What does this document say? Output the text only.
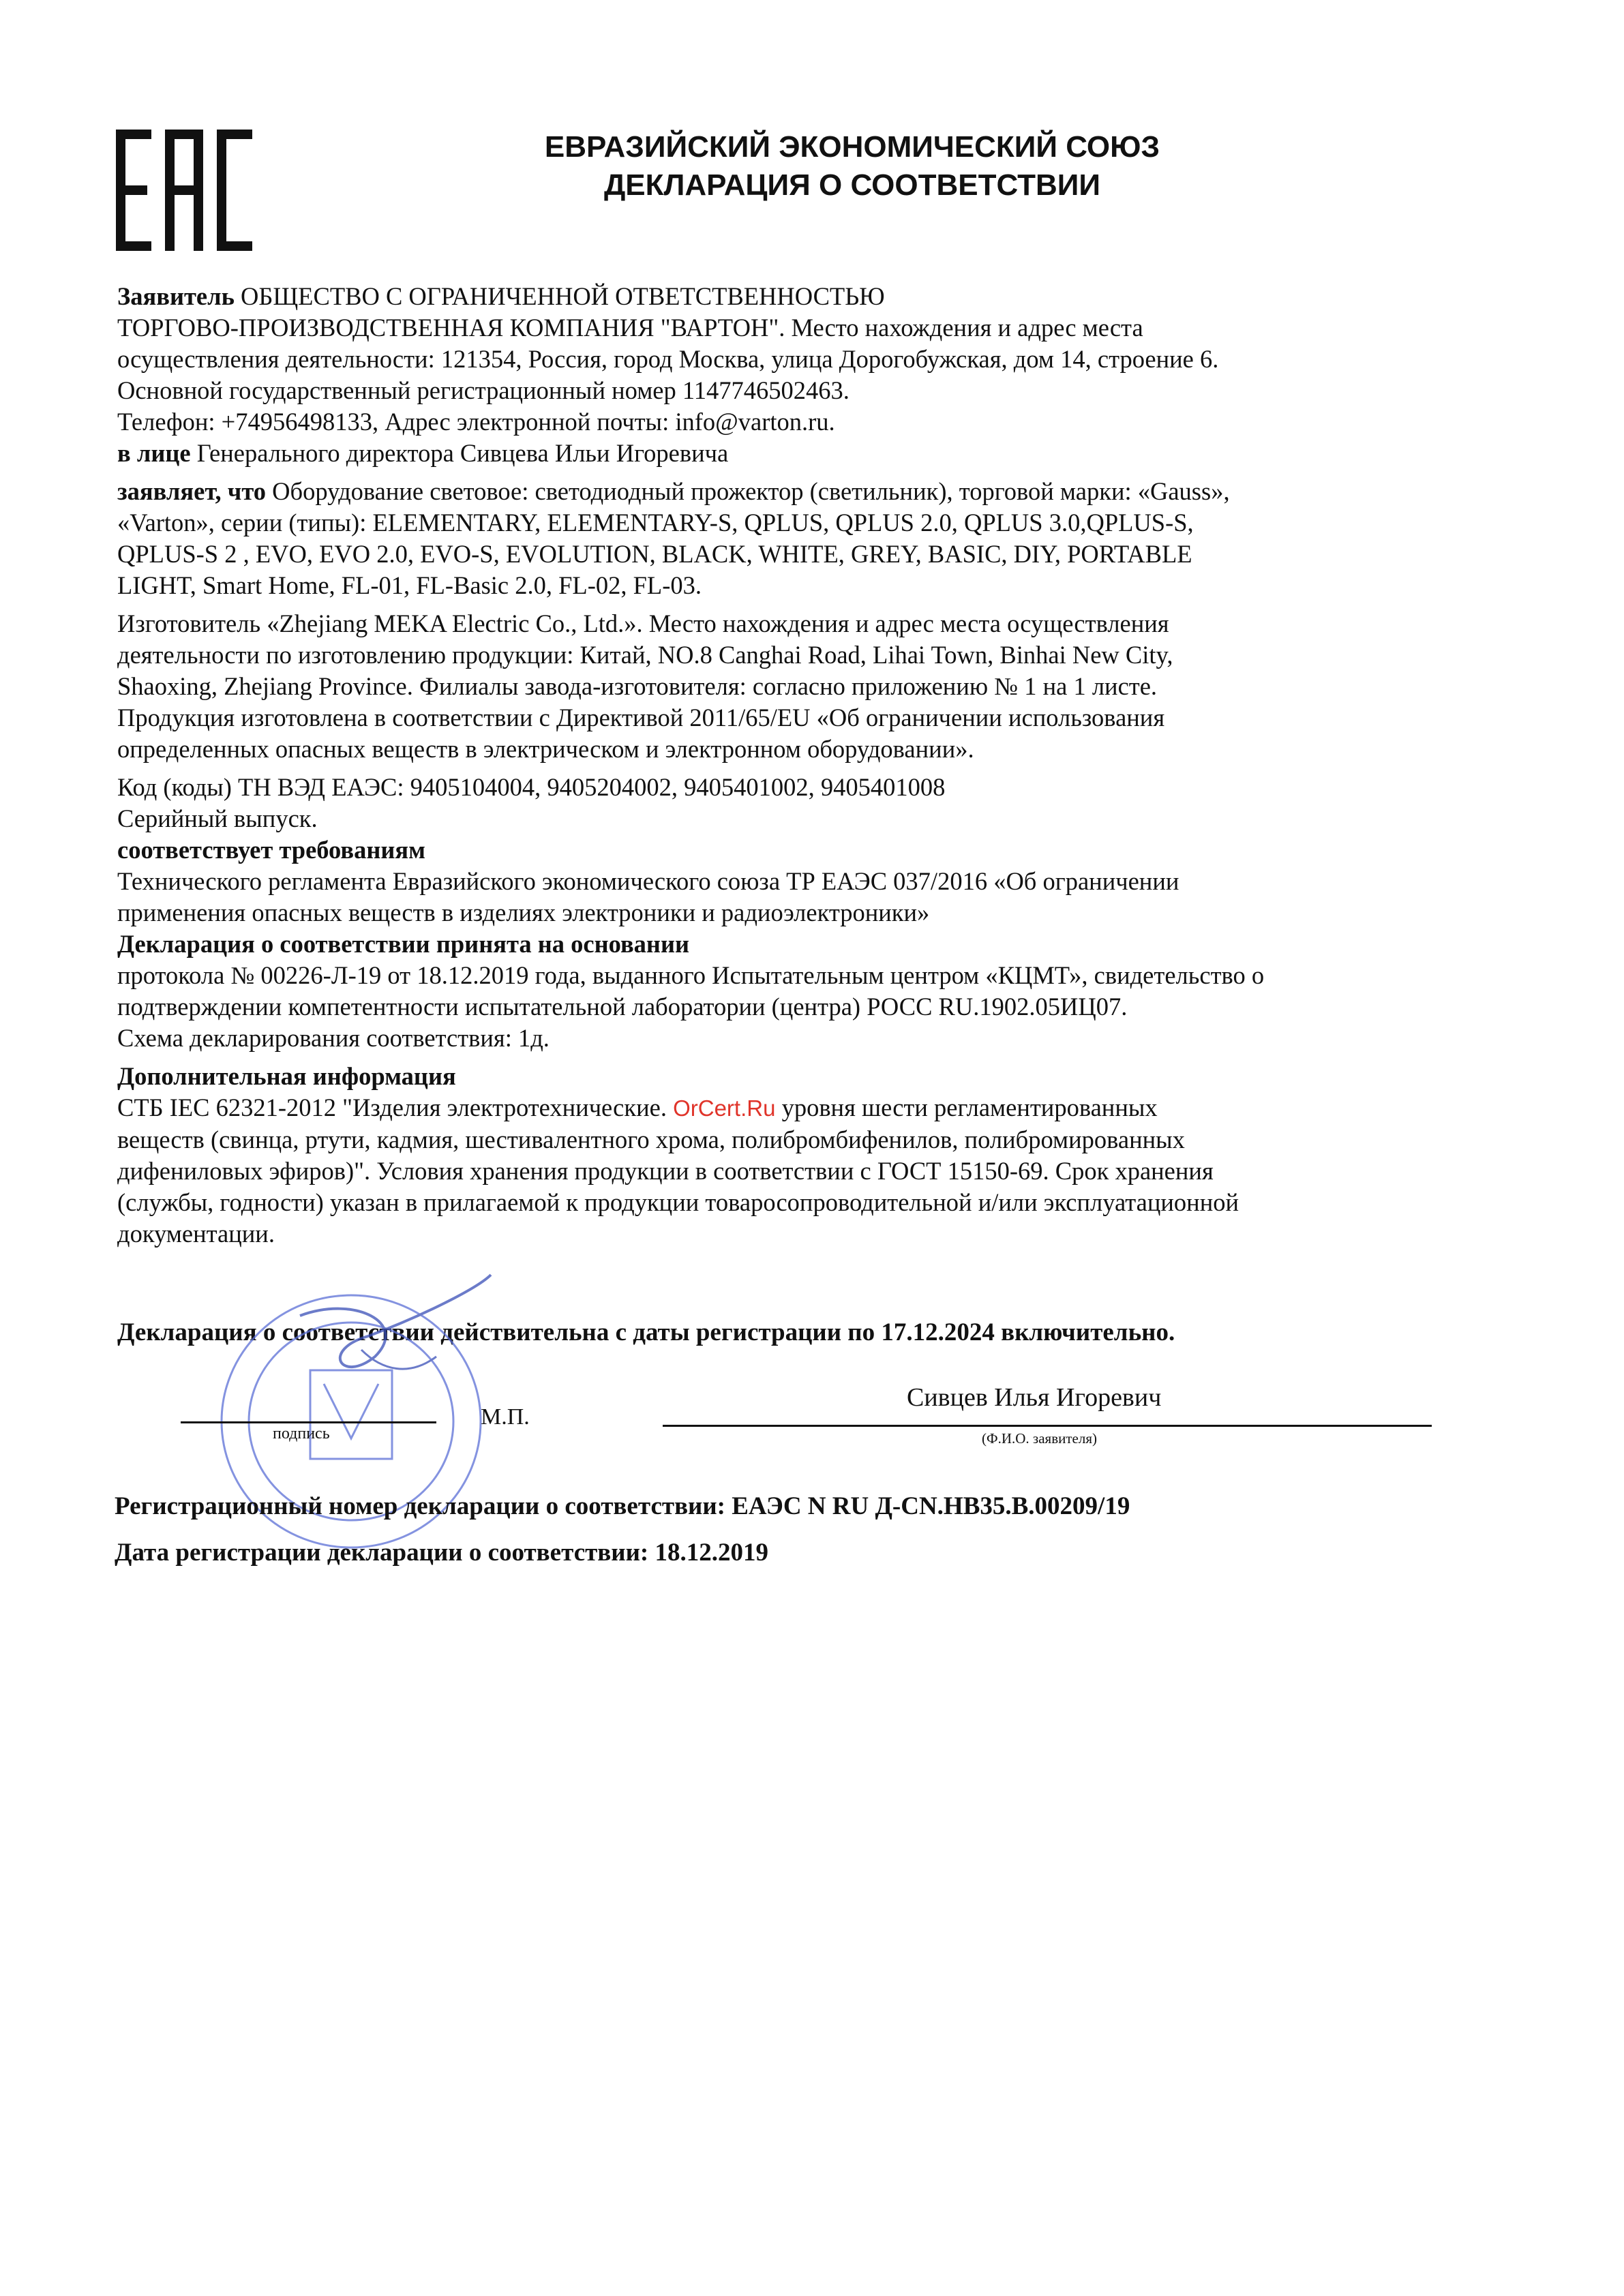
ЕВРАЗИЙСКИЙ ЭКОНОМИЧЕСКИЙ СОЮЗ
ДЕКЛАРАЦИЯ О СООТВЕТСТВИИ
Заявитель ОБЩЕСТВО С ОГРАНИЧЕННОЙ ОТВЕТСТВЕННОСТЬЮ
ТОРГОВО-ПРОИЗВОДСТВЕННАЯ КОМПАНИЯ "ВАРТОН". Место нахождения и адрес места
осуществления деятельности: 121354, Россия, город Москва, улица Дорогобужская, дом 14, строение 6.
Основной государственный регистрационный номер 1147746502463.
Телефон: +74956498133, Адрес электронной почты: info@varton.ru.
в лице Генерального директора Сивцева Ильи Игоревича
заявляет, что Оборудование световое: светодиодный прожектор (светильник), торговой марки: «Gauss»,
«Varton», серии (типы): ELEMENTARY, ELEMENTARY-S, QPLUS, QPLUS 2.0, QPLUS 3.0,QPLUS-S,
QPLUS-S 2 , EVO, EVO 2.0, EVO-S, EVOLUTION, BLACK, WHITE, GREY, BASIC, DIY, PORTABLE
LIGHT, Smart Home, FL-01, FL-Basic 2.0, FL-02, FL-03.
Изготовитель «Zhejiang MEKA Electric Co., Ltd.». Место нахождения и адрес места осуществления
деятельности по изготовлению продукции: Китай, NO.8 Canghai Road, Lihai Town, Binhai New City,
Shaoxing, Zhejiang Province. Филиалы завода-изготовителя: согласно приложению № 1 на 1 листе.
Продукция изготовлена в соответствии с Директивой 2011/65/EU «Об ограничении использования
определенных опасных веществ в электрическом и электронном оборудовании».
Код (коды) ТН ВЭД ЕАЭС: 9405104004, 9405204002, 9405401002, 9405401008
Серийный выпуск.
соответствует требованиям
Технического регламента Евразийского экономического союза ТР ЕАЭС 037/2016 «Об ограничении
применения опасных веществ в изделиях электроники и радиоэлектроники»
Декларация о соответствии принята на основании
протокола № 00226-Л-19 от 18.12.2019 года, выданного Испытательным центром «КЦМТ», свидетельство о
подтверждении компетентности испытательной лаборатории (центра) РОСС RU.1902.05ИЦ07.
Схема декларирования соответствия: 1д.
Дополнительная информация
СТБ IEC 62321-2012 "Изделия электротехнические. OrCert.Ru уровня шести регламентированных
веществ (свинца, ртути, кадмия, шестивалентного хрома, полибромбифенилов, полибромированных
дифениловых эфиров)". Условия хранения продукции в соответствии с ГОСТ 15150-69. Срок хранения
(службы, годности) указан в прилагаемой к продукции товаросопроводительной и/или эксплуатационной
документации.
Декларация о соответствии действительна с даты регистрации по 17.12.2024 включительно.
подпись
М.П.
Сивцев Илья Игоревич
(Ф.И.О. заявителя)
Регистрационный номер декларации о соответствии: ЕАЭС N RU Д-CN.НВ35.В.00209/19
Дата регистрации декларации о соответствии: 18.12.2019
